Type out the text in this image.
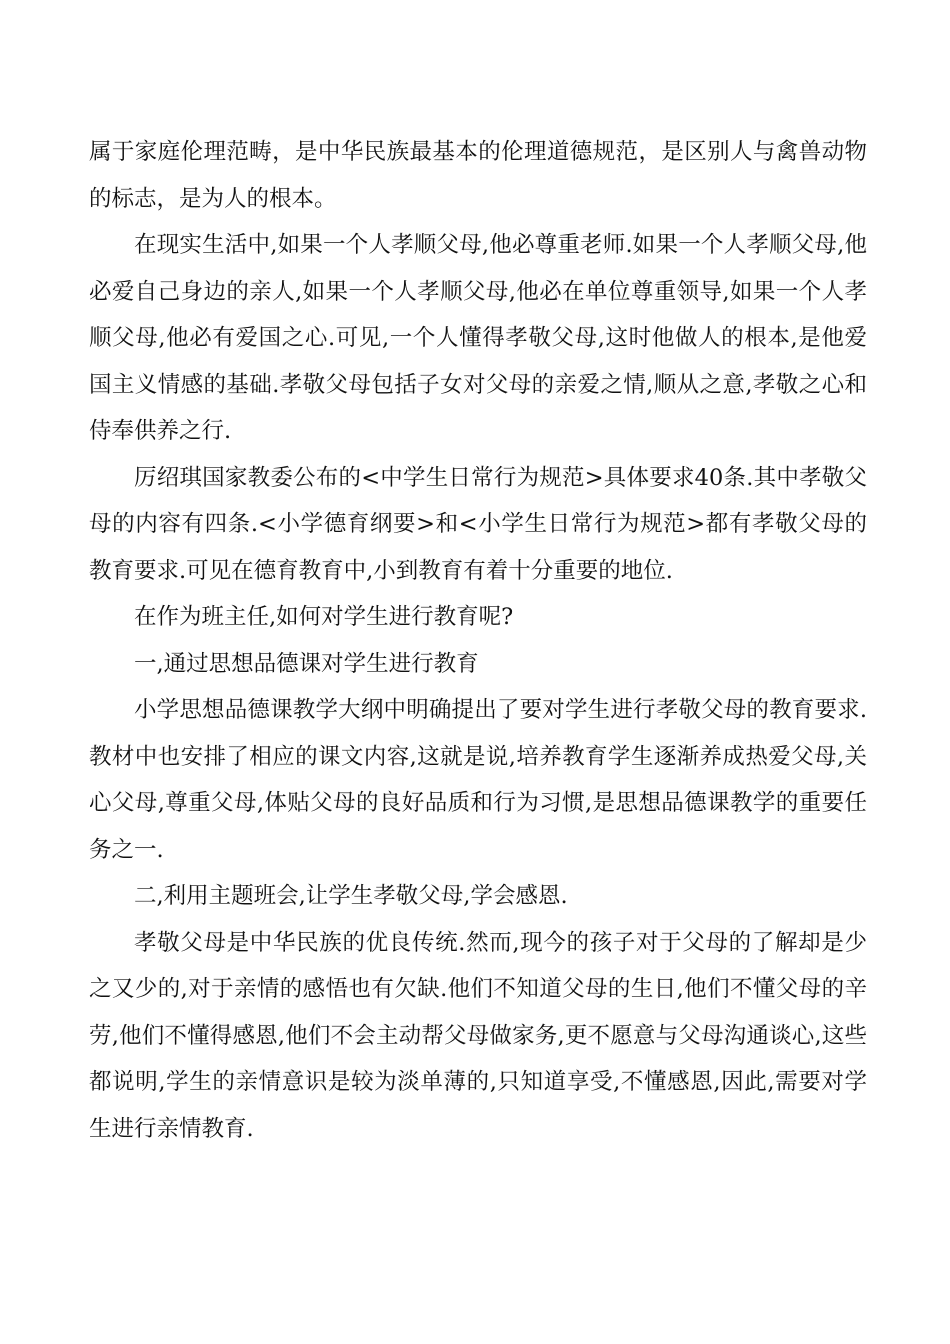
属于家庭伦理范畴，是中华民族最基本的伦理道德规范，是区别人与禽兽动物的标志，是为人的根本。

在现实生活中,如果一个人孝顺父母,他必尊重老师.如果一个人孝顺父母,他必爱自己身边的亲人,如果一个人孝顺父母,他必在单位尊重领导,如果一个人孝顺父母,他必有爱国之心.可见,一个人懂得孝敬父母,这时他做人的根本,是他爱国主义情感的基础.孝敬父母包括子女对父母的亲爱之情,顺从之意,孝敬之心和侍奉供养之行.

厉绍琪国家教委公布的<中学生日常行为规范>具体要求40条.其中孝敬父母的内容有四条.<小学德育纲要>和<小学生日常行为规范>都有孝敬父母的教育要求.可见在德育教育中,小到教育有着十分重要的地位.

在作为班主任,如何对学生进行教育呢?

一,通过思想品德课对学生进行教育

小学思想品德课教学大纲中明确提出了要对学生进行孝敬父母的教育要求.教材中也安排了相应的课文内容,这就是说,培养教育学生逐渐养成热爱父母,关心父母,尊重父母,体贴父母的良好品质和行为习惯,是思想品德课教学的重要任务之一.

二,利用主题班会,让学生孝敬父母,学会感恩.

孝敬父母是中华民族的优良传统.然而,现今的孩子对于父母的了解却是少之又少的,对于亲情的感悟也有欠缺.他们不知道父母的生日,他们不懂父母的辛劳,他们不懂得感恩,他们不会主动帮父母做家务,更不愿意与父母沟通谈心,这些都说明,学生的亲情意识是较为淡单薄的,只知道享受,不懂感恩,因此,需要对学生进行亲情教育.
